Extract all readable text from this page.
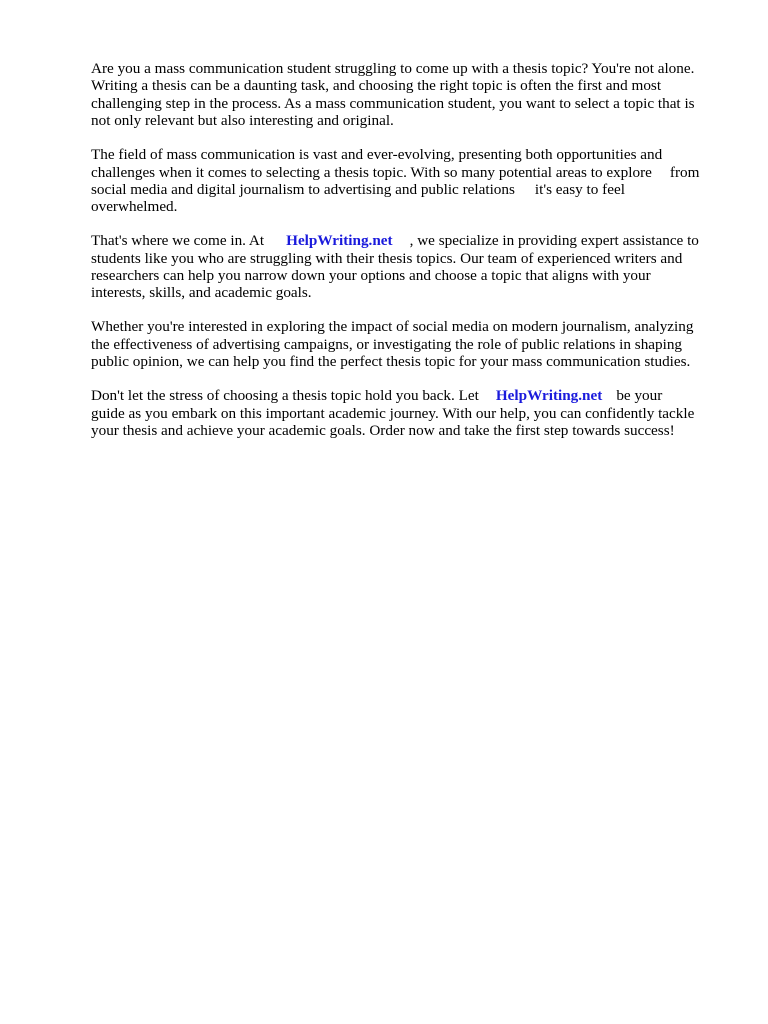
Are you a mass communication student struggling to come up with a thesis topic? You're not alone.
Writing a thesis can be a daunting task, and choosing the right topic is often the first and most
challenging step in the process. As a mass communication student, you want to select a topic that is
not only relevant but also interesting and original.

The field of mass communication is vast and ever-evolving, presenting both opportunities and
challenges when it comes to selecting a thesis topic. With so many potential areas to explore from
social media and digital journalism to advertising and public relations it's easy to feel
overwhelmed.

That's where we come in. At HelpWriting.net , we specialize in providing expert assistance to
students like you who are struggling with their thesis topics. Our team of experienced writers and
researchers can help you narrow down your options and choose a topic that aligns with your
interests, skills, and academic goals.

Whether you're interested in exploring the impact of social media on modern journalism, analyzing
the effectiveness of advertising campaigns, or investigating the role of public relations in shaping
public opinion, we can help you find the perfect thesis topic for your mass communication studies.

Don't let the stress of choosing a thesis topic hold you back. Let HelpWriting.net be your
guide as you embark on this important academic journey. With our help, you can confidently tackle
your thesis and achieve your academic goals. Order now and take the first step towards success!
